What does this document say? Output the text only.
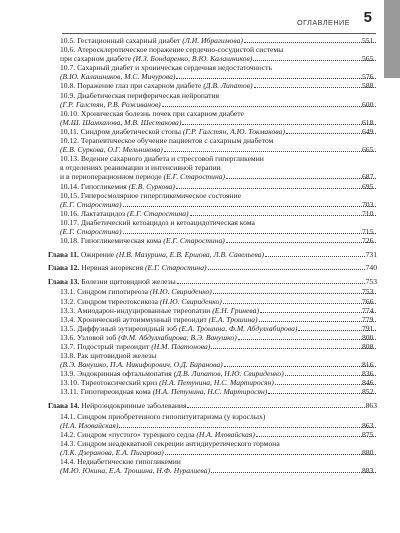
ОГЛАВЛЕНИЕ 5
10.5. Гестационный сахарный диабет (Л.И. Ибрагимова)	551
10.6. Атеросклеротическое поражение сердечно-сосудистой системы
при сахарном диабете (И.З. Бондаренко, В.Ю. Калашников)	565
10.7. Сахарный диабет и хроническая сердечная недостаточность
(В.Ю. Калашников, М.С. Мичурова)	576
10.8. Поражение глаз при сахарном диабете (Д.В. Липатов)	588
10.9. Диабетическая периферическая нейропатия
(Г.Р. Галстян, Р.В. Роживанов)	600
10.10. Хроническая болезнь почек при сахарном диабете
(М.Ш. Шамхалова, М.В. Шестакова)	618
10.11. Синдром диабетической стопы (Г.Р. Галстян, А.Ю. Токмакова)	649
10.12. Терапевтическое обучение пациентов с сахарным диабетом
(Е.В. Суркова, О.Г. Мельникова)	665
10.13. Ведение сахарного диабета и стрессовой гипергликемии
в отделениях реанимации и интенсивной терапии
и в периоперационном периоде (Е.Г. Старостина)	687
10.14. Гипогликемия (Е.В. Суркова)	695
10.15. Гиперосмолярное гипергликемическое состояние
(Е.Г. Старостина)	703
10.16. Лактатацидоз (Е.Г. Старостина)	710
10.17. Диабетический кетоацидоз и кетоацидотическая кома
(Е.Г. Старостина)	715
10.18. Гипогликемическая кома (Е.Г. Старостина)	726
Глава 11. Ожирение (Н.В. Мазурина, Е.В. Ершова, Л.В. Савельева)	731
Глава 12. Нервная анорексия (Е.Г. Старостина)	740
Глава 13. Болезни щитовидной железы	753
13.1. Синдром гипотиреоза (Н.Ю. Свириденко)	753
13.2. Синдром тиреотоксикоза (Н.Ю. Свириденко)	766
13.3. Амиодарон-индуцированные тиреопатии (Е.Н. Гринева)	774
13.4. Хронический аутоиммунный тиреоидит (Е.А. Трошина)	779
13.5. Диффузный эутиреоидный зоб (Е.А. Трошина, Ф.М. Абдулхабирова)	791
13.6. Узловой зоб (Ф.М. Абдулхабирова, В.Э. Ванушко)	800
13.7. Подострый тиреоидит (Н.М. Платонова)	808
13.8. Рак щитовидной железы
(В.Э. Ванушко, П.А. Никифорович, О.Д. Баранова)	816
13.9. Эндокринная офтальмопатия (Д.В. Липатов, Н.Ю. Свириденко)	836
13.10. Тиреотоксический криз (Н.А. Петунина, Н.С. Мартиросян)	846
13.11. Гипотиреоидная кома (Н.А. Петунина, Н.С. Мартиросян)	852
Глава 14. Нейроэндокринные заболевания	863
14.1. Синдром приобретенного гипопитуитаризма (у взрослых)
(Н.А. Иловайская)	863
14.2. Синдром «пустого» турецкого седла (Н.А. Иловайская)	875
14.3. Синдром неадекватной секреции антидиуретического гормона
(Л.К. Дзеранова, Е.А. Пигарова)	880
14.4. Недиабетические гипогликемии
(М.Ю. Юкина, Е.А. Трошина, Н.Ф. Нуралиева)	883
